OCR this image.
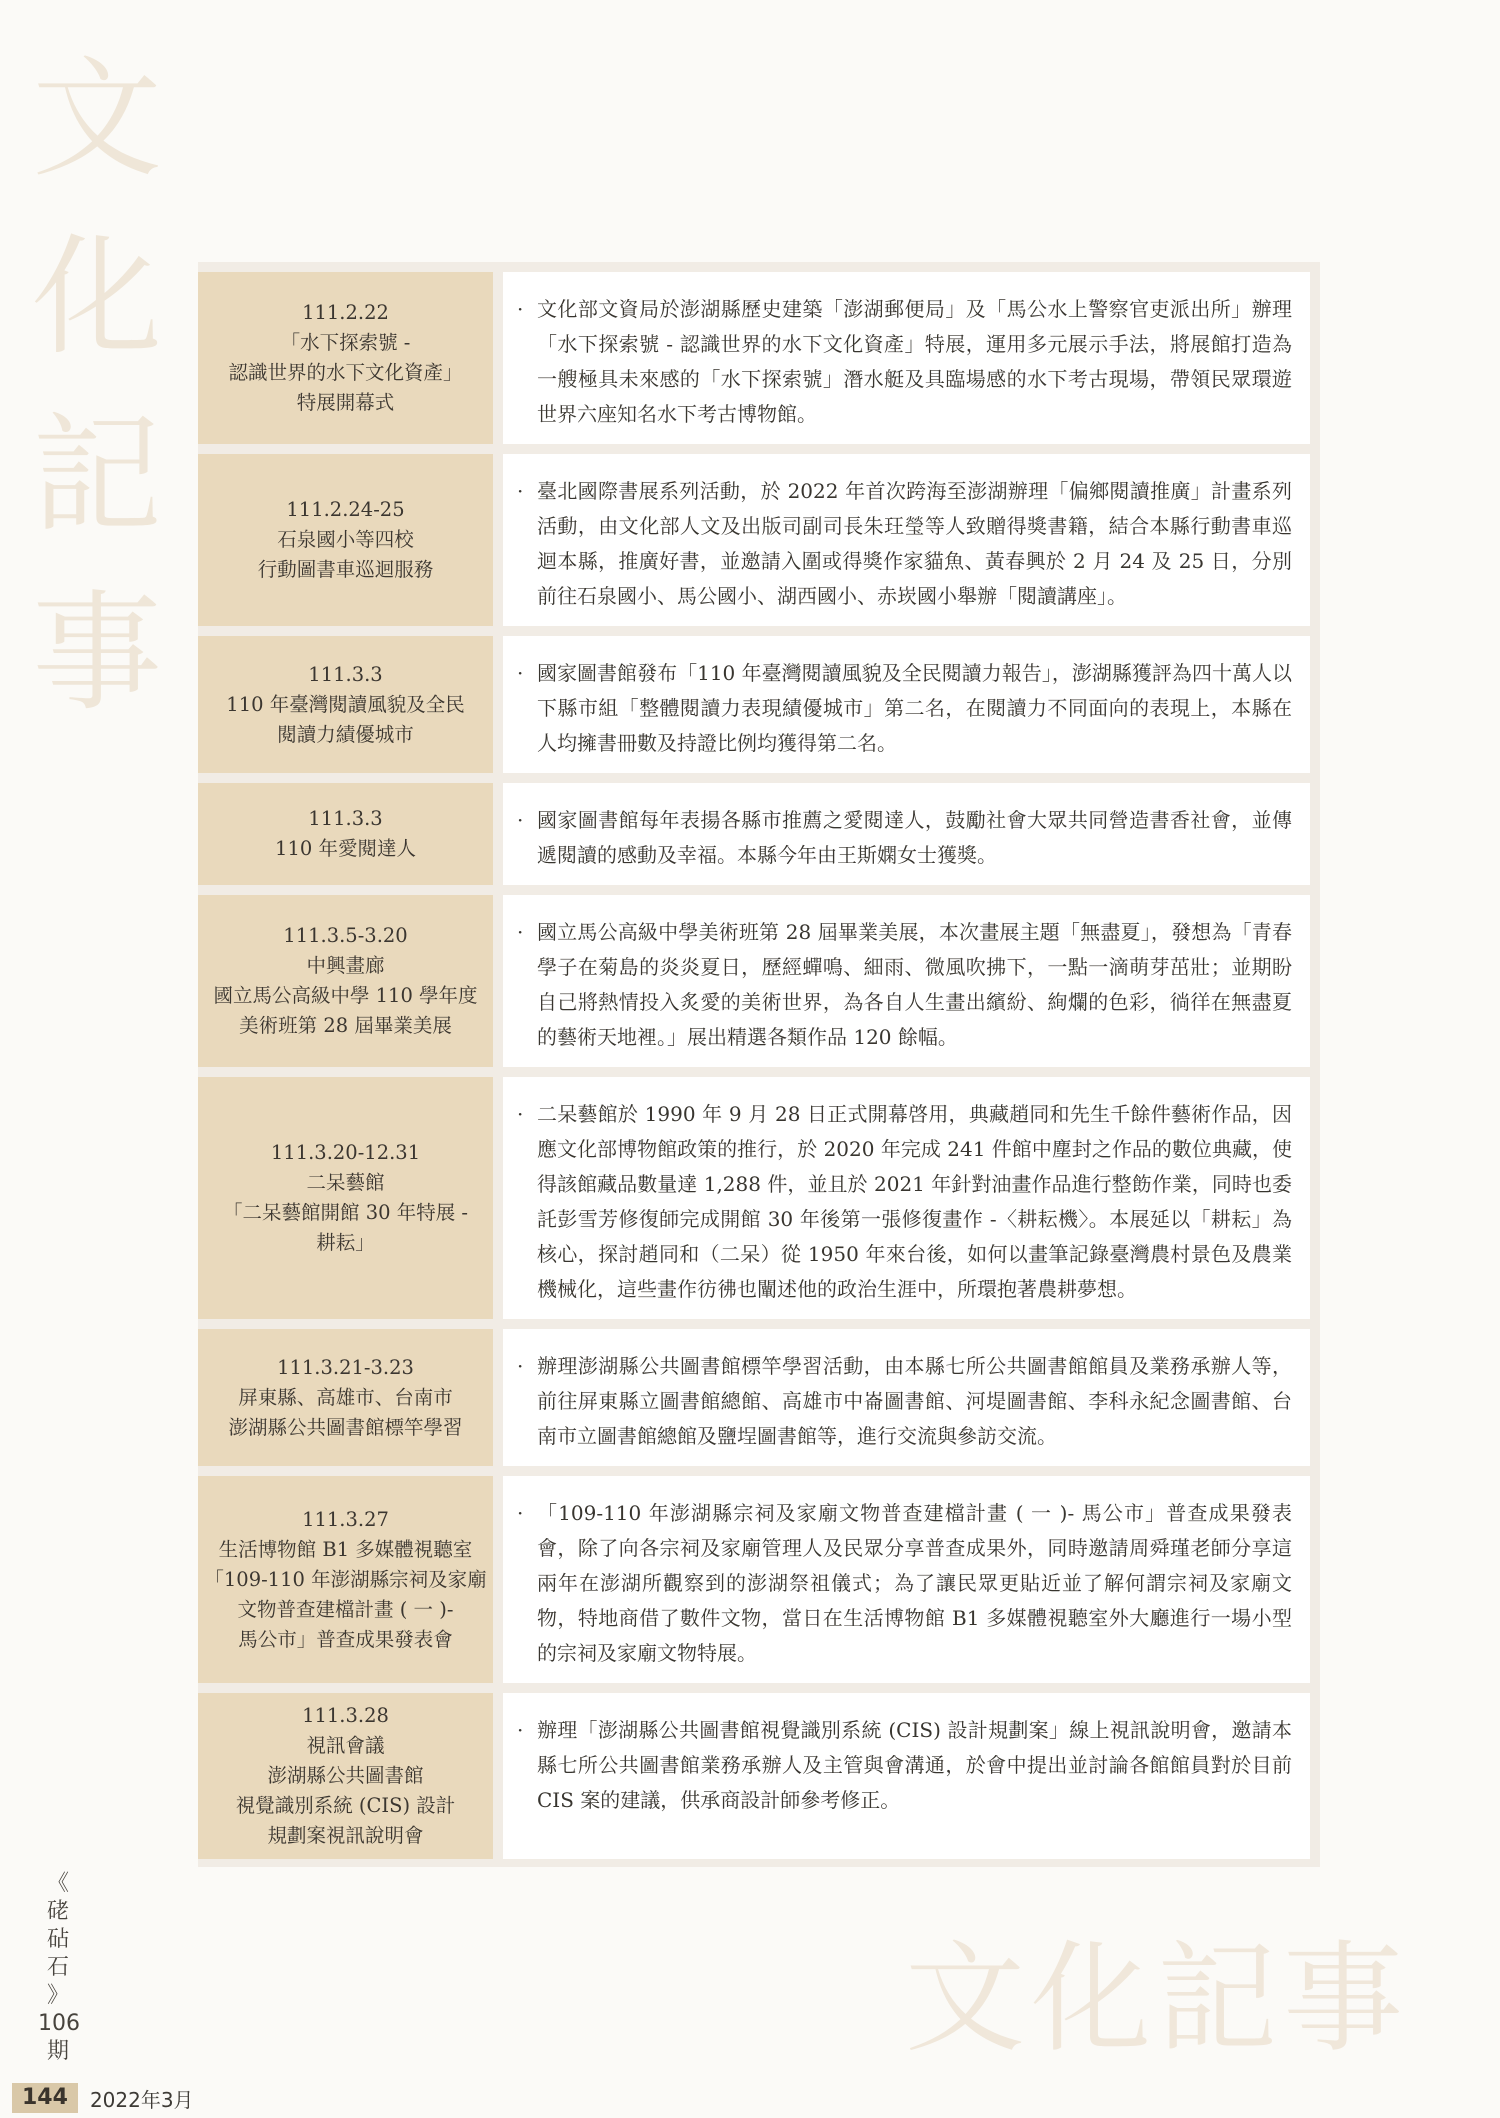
文
化
記
事
文化記事
111.2.22
「水下探索號 -
認識世界的水下文化資產」
特展開幕式
· 文化部文資局於澎湖縣歷史建築「澎湖郵便局」及「馬公水上警察官吏派出所」辦理「水下探索號 - 認識世界的水下文化資產」特展，運用多元展示手法，將展館打造為一艘極具未來感的「水下探索號」潛水艇及具臨場感的水下考古現場，帶領民眾環遊世界六座知名水下考古博物館。
111.2.24-25
石泉國小等四校
行動圖書車巡迴服務
· 臺北國際書展系列活動，於 2022 年首次跨海至澎湖辦理「偏鄉閱讀推廣」計畫系列活動，由文化部人文及出版司副司長朱玨瑩等人致贈得獎書籍，結合本縣行動書車巡迴本縣，推廣好書，並邀請入圍或得獎作家貓魚、黃春興於 2 月 24 及 25 日，分別前往石泉國小、馬公國小、湖西國小、赤崁國小舉辦「閱讀講座」。
111.3.3
110 年臺灣閱讀風貌及全民
閱讀力績優城市
· 國家圖書館發布「110 年臺灣閱讀風貌及全民閱讀力報告」，澎湖縣獲評為四十萬人以下縣市組「整體閱讀力表現績優城市」第二名，在閱讀力不同面向的表現上，本縣在人均擁書冊數及持證比例均獲得第二名。
111.3.3
110 年愛閱達人
· 國家圖書館每年表揚各縣市推薦之愛閱達人，鼓勵社會大眾共同營造書香社會，並傳遞閱讀的感動及幸福。本縣今年由王斯嫻女士獲獎。
111.3.5-3.20
中興畫廊
國立馬公高級中學 110 學年度
美術班第 28 屆畢業美展
· 國立馬公高級中學美術班第 28 屆畢業美展，本次畫展主題「無盡夏」，發想為「青春學子在菊島的炎炎夏日，歷經蟬鳴、細雨、微風吹拂下，一點一滴萌芽茁壯；並期盼自己將熱情投入炙愛的美術世界，為各自人生畫出繽紛、絢爛的色彩，徜徉在無盡夏的藝術天地裡。」展出精選各類作品 120 餘幅。
111.3.20-12.31
二呆藝館
「二呆藝館開館 30 年特展 -
耕耘」
· 二呆藝館於 1990 年 9 月 28 日正式開幕啓用，典藏趙同和先生千餘件藝術作品，因應文化部博物館政策的推行，於 2020 年完成 241 件館中塵封之作品的數位典藏，使得該館藏品數量達 1,288 件，並且於 2021 年針對油畫作品進行整飭作業，同時也委託彭雪芳修復師完成開館 30 年後第一張修復畫作 -〈耕耘機〉。本展延以「耕耘」為核心，探討趙同和（二呆）從 1950 年來台後，如何以畫筆記錄臺灣農村景色及農業機械化，這些畫作彷彿也闡述他的政治生涯中，所環抱著農耕夢想。
111.3.21-3.23
屏東縣、高雄市、台南市
澎湖縣公共圖書館標竿學習
· 辦理澎湖縣公共圖書館標竿學習活動，由本縣七所公共圖書館館員及業務承辦人等，前往屏東縣立圖書館總館、高雄市中崙圖書館、河堤圖書館、李科永紀念圖書館、台南市立圖書館總館及鹽埕圖書館等，進行交流與參訪交流。
111.3.27
生活博物館 B1 多媒體視聽室
「109-110 年澎湖縣宗祠及家廟
文物普查建檔計畫 ( 一 )-
馬公市」普查成果發表會
· 「109-110 年澎湖縣宗祠及家廟文物普查建檔計畫 ( 一 )- 馬公市」普查成果發表會，除了向各宗祠及家廟管理人及民眾分享普查成果外，同時邀請周舜瑾老師分享這兩年在澎湖所觀察到的澎湖祭祖儀式；為了讓民眾更貼近並了解何謂宗祠及家廟文物，特地商借了數件文物，當日在生活博物館 B1 多媒體視聽室外大廳進行一場小型的宗祠及家廟文物特展。
111.3.28
視訊會議
澎湖縣公共圖書館
視覺識別系統 (CIS) 設計
規劃案視訊說明會
· 辦理「澎湖縣公共圖書館視覺識別系統 (CIS) 設計規劃案」線上視訊說明會，邀請本縣七所公共圖書館業務承辦人及主管與會溝通，於會中提出並討論各館館員對於目前 CIS 案的建議，供承商設計師參考修正。
《
硓
砧
石
》
106
期
144	2022年3月
